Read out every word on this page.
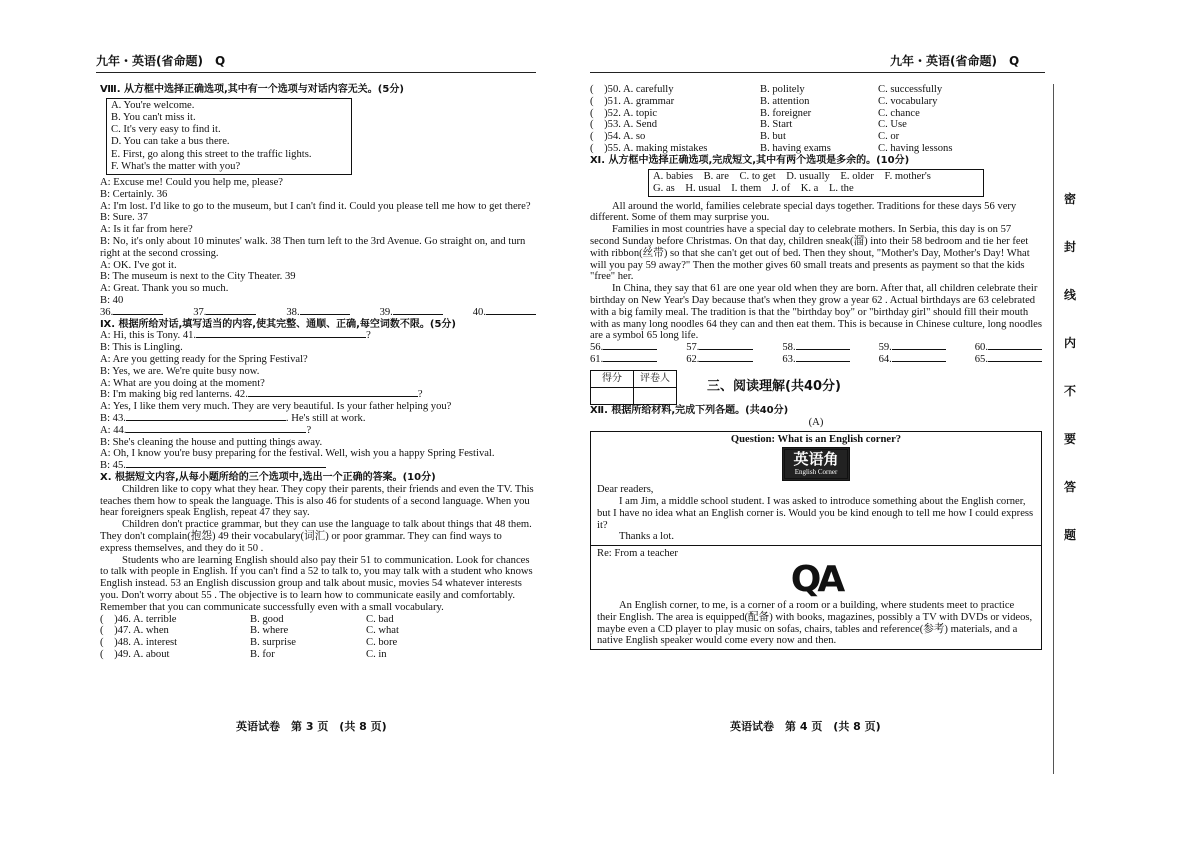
九年・英语(省命题)　 Q
Ⅷ. 从方框中选择正确选项,其中有一个选项与对话内容无关。(5分)
A. You're welcome.
B. You can't miss it.
C. It's very easy to find it.
D. You can take a bus there.
E. First, go along this street to the traffic lights.
F. What's the matter with you?
A: Excuse me! Could you help me, please?
B: Certainly. 36
A: I'm lost. I'd like to go to the museum, but I can't find it. Could you please tell me how to get there?
B: Sure. 37
A: Is it far from here?
B: No, it's only about 10 minutes' walk. 38 Then turn left to the 3rd Avenue. Go straight on, and turn right at the second crossing.
A: OK. I've got it.
B: The museum is next to the City Theater. 39
A: Great. Thank you so much.
B: 40
36.	37.	38.	39.	40.
Ⅸ. 根据所给对话,填写适当的内容,使其完整、通顺、正确,每空词数不限。(5分)
A: Hi, this is Tony. 41.	?
B: This is Lingling.
A: Are you getting ready for the Spring Festival?
B: Yes, we are. We're quite busy now.
A: What are you doing at the moment?
B: I'm making big red lanterns. 42.	?
A: Yes, I like them very much. They are very beautiful. Is your father helping you?
B: 43.	. He's still at work.
A: 44.	?
B: She's cleaning the house and putting things away.
A: Oh, I know you're busy preparing for the festival. Well, wish you a happy Spring Festival.
B: 45.
Ⅹ. 根据短文内容,从每小题所给的三个选项中,选出一个正确的答案。(10分)
Children like to copy what they hear. They copy their parents, their friends and even the TV. This teaches them how to speak the language. This is also 46 for students of a second language. When you hear foreigners speak English, repeat 47 they say.
Children don't practice grammar, but they can use the language to talk about things that 48 them. They don't complain(抱怨) 49 their vocabulary(词汇) or poor grammar. They can find ways to express themselves, and they do it 50 .
Students who are learning English should also pay their 51 to communication. Look for chances to talk with people in English. If you can't find a 52 to talk to, you may talk with a student who knows English instead. 53 an English discussion group and talk about music, movies 54 whatever interests you. Don't worry about 55 . The objective is to learn how to communicate easily and comfortably. Remember that you can communicate successfully even with a small vocabulary.
(　)46. A. terrible	B. good	C. bad
(　)47. A. when	B. where	C. what
(　)48. A. interest	B. surprise	C. bore
(　)49. A. about	B. for	C. in
英语试卷　第 3 页　(共 8 页)
九年・英语(省命题)　 Q
(　)50. A. carefully	B. politely	C. successfully
(　)51. A. grammar	B. attention	C. vocabulary
(　)52. A. topic	B. foreigner	C. chance
(　)53. A. Send	B. Start	C. Use
(　)54. A. so	B. but	C. or
(　)55. A. making mistakes	B. having exams	C. having lessons
Ⅺ. 从方框中选择正确选项,完成短文,其中有两个选项是多余的。(10分)
A. babies　B. are　C. to get　D. usually　E. older　F. mother's
G. as　H. usual　I. them　J. of　K. a　L. the
All around the world, families celebrate special days together. Traditions for these days 56 very different. Some of them may surprise you.
Families in most countries have a special day to celebrate mothers. In Serbia, this day is on 57 second Sunday before Christmas. On that day, children sneak(溜) into their 58 bedroom and tie her feet with ribbon(丝带) so that she can't get out of bed. Then they shout, "Mother's Day, Mother's Day! What will you pay 59 away?" Then the mother gives 60 small treats and presents as payment so that the kids "free" her.
In China, they say that 61 are one year old when they are born. After that, all children celebrate their birthday on New Year's Day because that's when they grow a year 62 . Actual birthdays are 63 celebrated with a big family meal. The tradition is that the "birthday boy" or "birthday girl" should fill their mouth with as many long noodles 64 they can and then eat them. This is because in Chinese culture, long noodles are a symbol 65 long life.
56.	57.	58.	59.	60.
61.	62.	63.	64.	65.
得分	评卷人

三、阅读理解(共40分)
Ⅻ. 根据所给材料,完成下列各题。(共40分)
(A)
Question: What is an English corner?
英语角
English Corner
Dear readers,
I am Jim, a middle school student. I was asked to introduce something about the English corner, but I have no idea what an English corner is. Would you be kind enough to tell me how I could express it?
Thanks a lot.
Re: From a teacher
QA
An English corner, to me, is a corner of a room or a building, where students meet to practice their English. The area is equipped(配备) with books, magazines, possibly a TV with DVDs or videos, maybe even a CD player to play music on sofas, chairs, tables and reference(参考) materials, and a native English speaker would come every now and then.
英语试卷　第 4 页　(共 8 页)
密
封
线
内
不
要
答
题
